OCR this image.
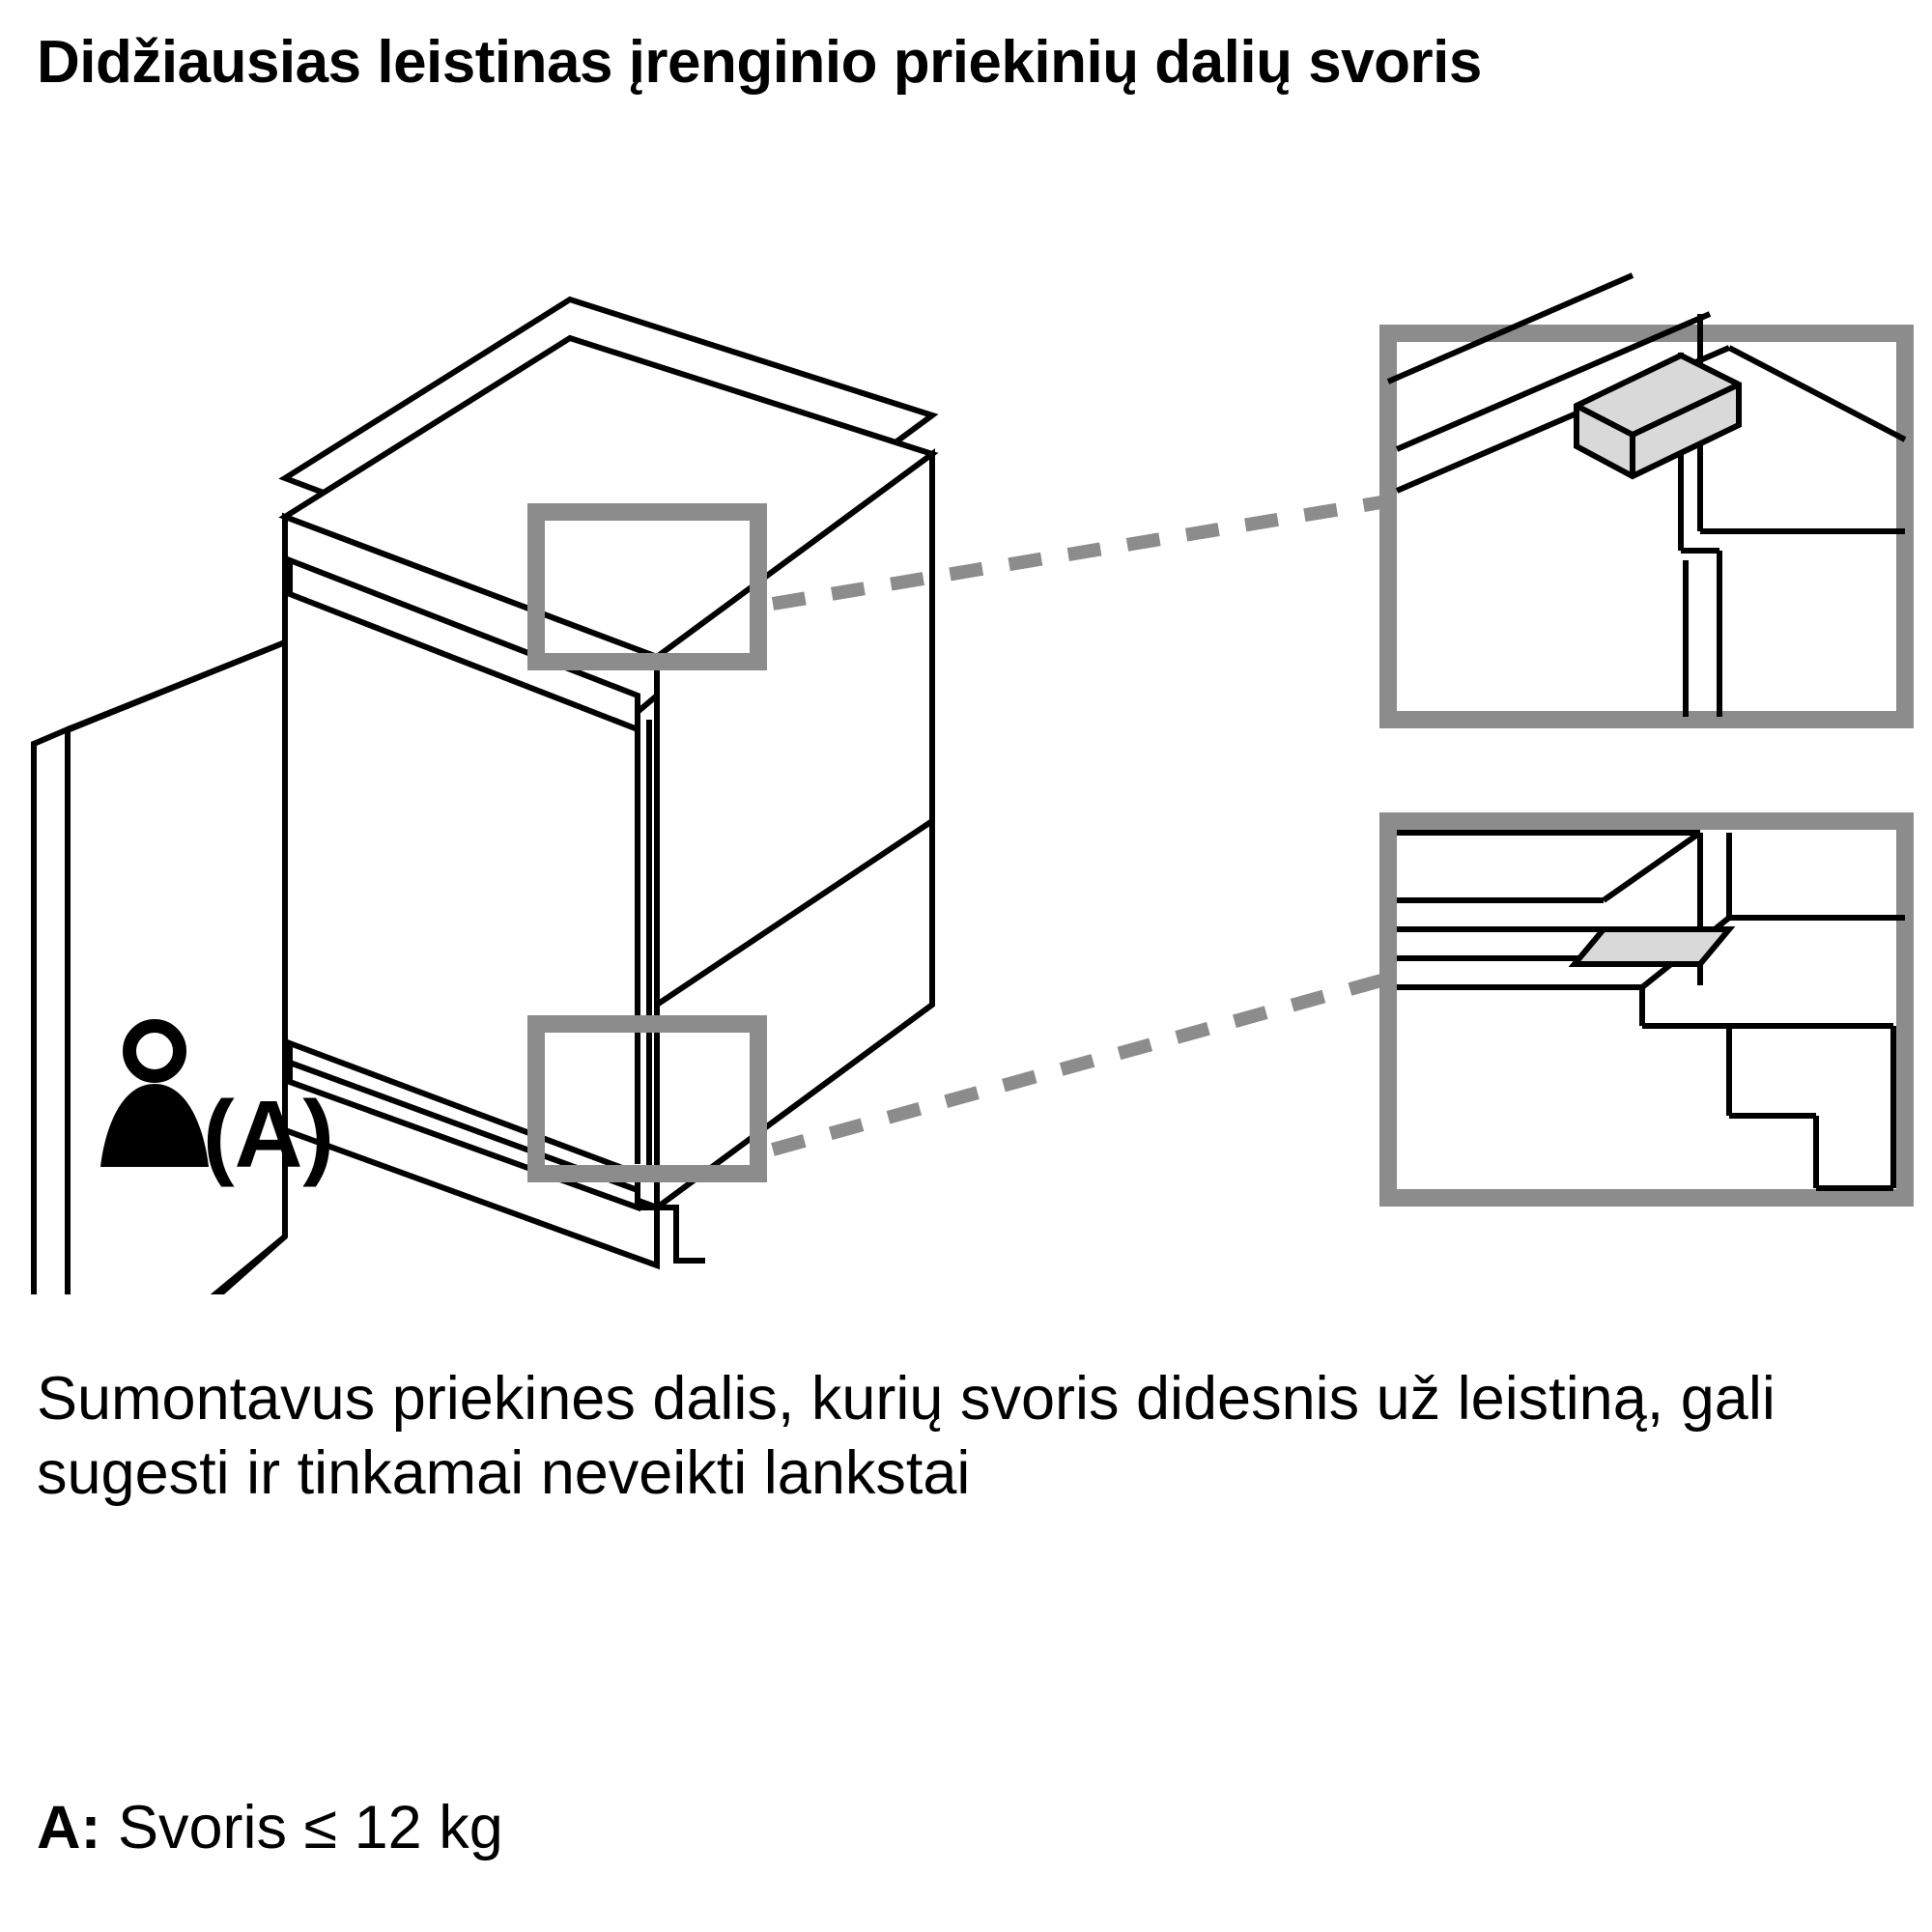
Didžiausias leistinas įrenginio priekinių dalių svoris
(A)
Sumontavus priekines dalis, kurių svoris didesnis už leistiną, gali sugesti ir tinkamai neveikti lankstai
A: Svoris ≤ 12 kg
